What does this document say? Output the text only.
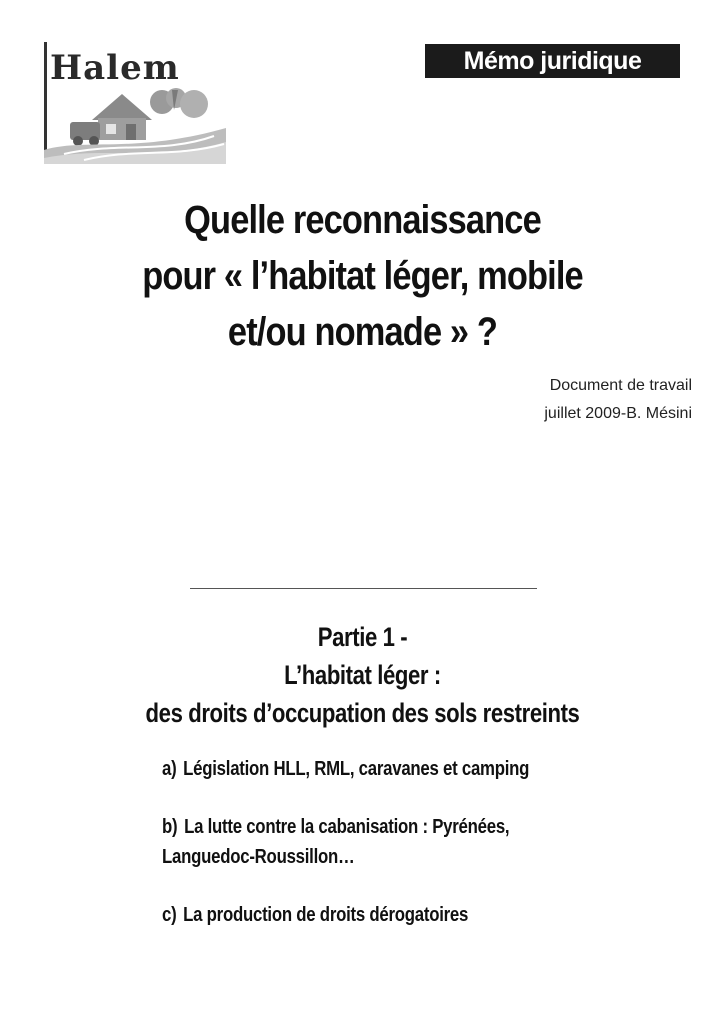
Halem	Mémo juridique
Quelle reconnaissance
pour « l’habitat léger, mobile
et/ou nomade » ?
Document de travail
juillet 2009-B. Mésini
Partie 1 -
L’habitat léger :
des droits d’occupation des sols restreints
a) Législation HLL, RML, caravanes et camping
b) La lutte contre la cabanisation : Pyrénées,
Languedoc-Roussillon…
c) La production de droits dérogatoires
